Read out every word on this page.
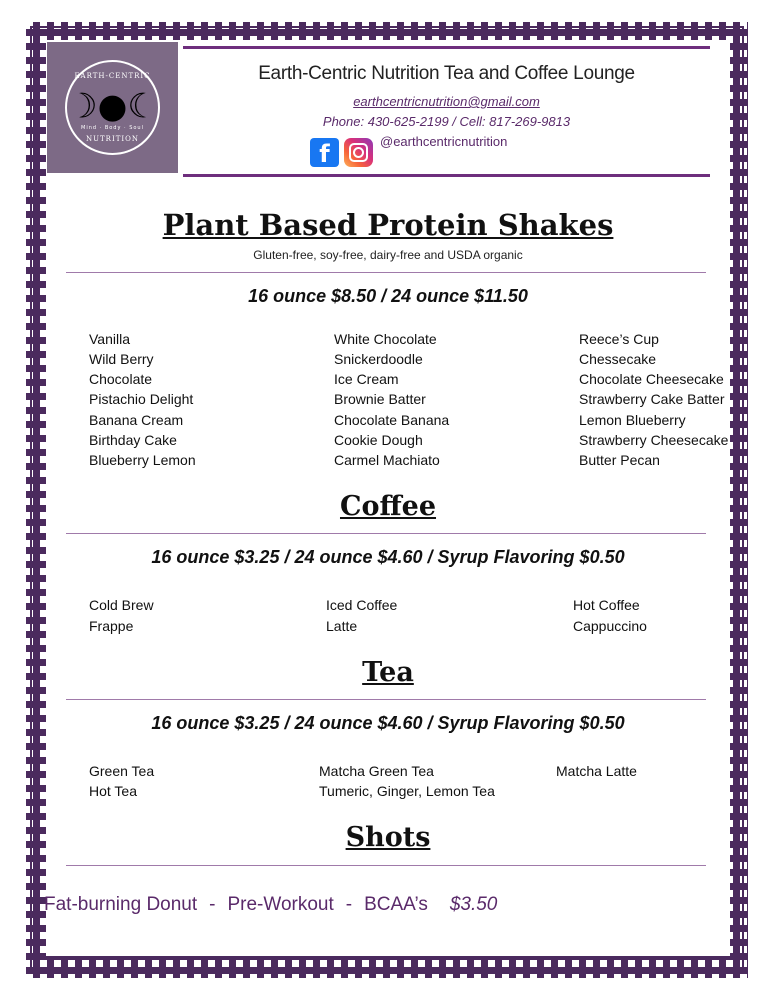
EARTH-CENTRIC
☽●☾
Mind · Body · Soul
NUTRITION
Earth-Centric Nutrition Tea and Coffee Lounge
earthcentricnutrition@gmail.com
Phone: 430-625-2199 / Cell: 817-269-9813
f	@earthcentricnutrition
Plant Based Protein Shakes
Gluten-free, soy-free, dairy-free and USDA organic
16 ounce $8.50 / 24 ounce $11.50
Vanilla
Wild Berry
Chocolate
Pistachio Delight
Banana Cream
Birthday Cake
Blueberry Lemon
White Chocolate
Snickerdoodle
Ice Cream
Brownie Batter
Chocolate Banana
Cookie Dough
Carmel Machiato
Reece’s Cup
Chessecake
Chocolate Cheesecake
Strawberry Cake Batter
Lemon Blueberry
Strawberry Cheesecake
Butter Pecan
Coffee
16 ounce $3.25 / 24 ounce $4.60 / Syrup Flavoring $0.50
Cold Brew
Frappe
Iced Coffee
Latte
Hot Coffee
Cappuccino
Tea
16 ounce $3.25 / 24 ounce $4.60 / Syrup Flavoring $0.50
Green Tea
Hot Tea
Matcha Green Tea
Tumeric, Ginger, Lemon Tea
Matcha Latte
Shots
Fat-burning Donut - Pre-Workout - BCAA’s $3.50
